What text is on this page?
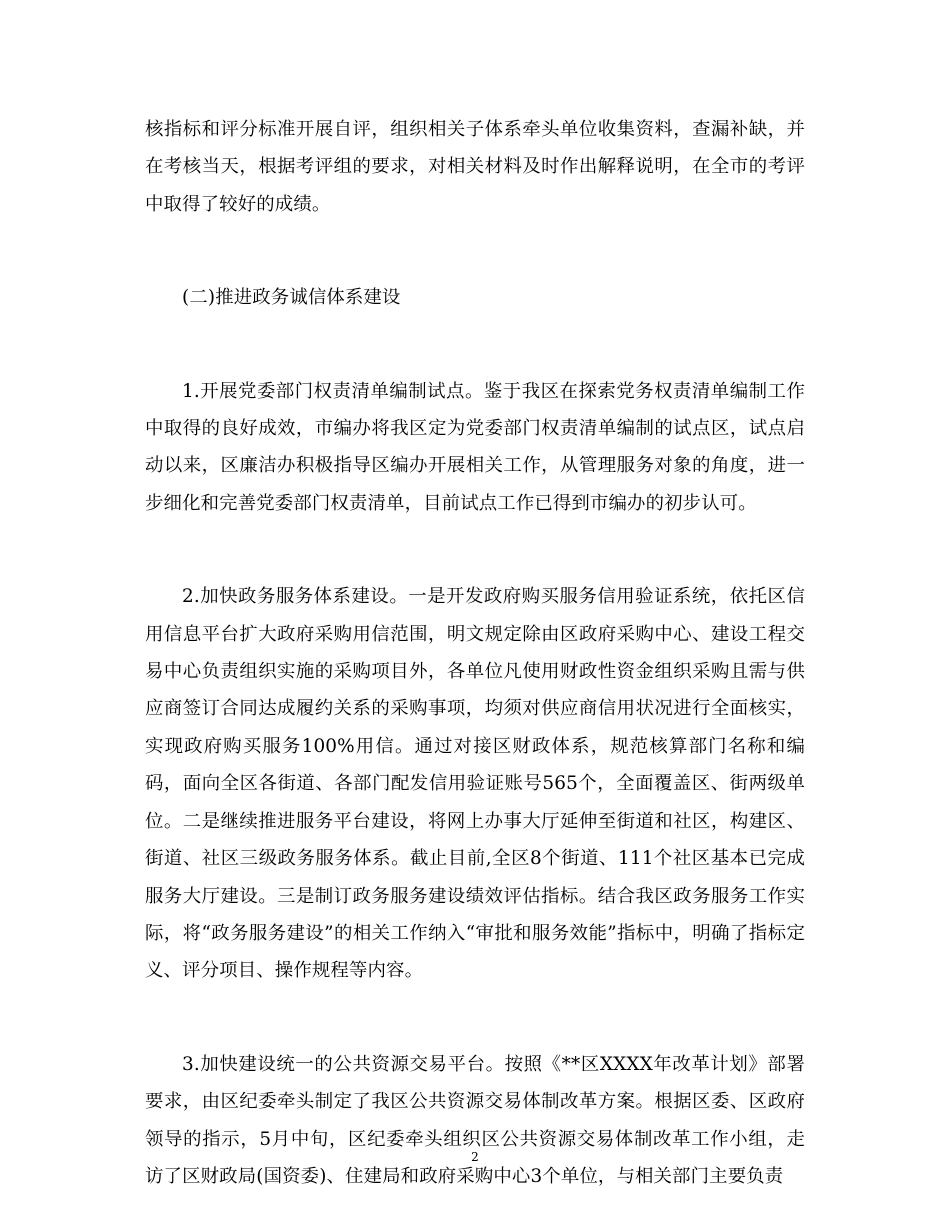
核指标和评分标准开展自评，组织相关子体系牵头单位收集资料，查漏补缺，并在考核当天，根据考评组的要求，对相关材料及时作出解释说明，在全市的考评中取得了较好的成绩。

(二)推进政务诚信体系建设

1.开展党委部门权责清单编制试点。鉴于我区在探索党务权责清单编制工作中取得的良好成效，市编办将我区定为党委部门权责清单编制的试点区，试点启动以来，区廉洁办积极指导区编办开展相关工作，从管理服务对象的角度，进一步细化和完善党委部门权责清单，目前试点工作已得到市编办的初步认可。

2.加快政务服务体系建设。一是开发政府购买服务信用验证系统，依托区信用信息平台扩大政府采购用信范围，明文规定除由区政府采购中心、建设工程交易中心负责组织实施的采购项目外，各单位凡使用财政性资金组织采购且需与供应商签订合同达成履约关系的采购事项，均须对供应商信用状况进行全面核实，实现政府购买服务100%用信。通过对接区财政体系，规范核算部门名称和编码，面向全区各街道、各部门配发信用验证账号565个，全面覆盖区、街两级单位。二是继续推进服务平台建设，将网上办事大厅延伸至街道和社区，构建区、街道、社区三级政务服务体系。截止目前,全区8个街道、111个社区基本已完成服务大厅建设。三是制订政务服务建设绩效评估指标。结合我区政务服务工作实际，将“政务服务建设”的相关工作纳入“审批和服务效能”指标中，明确了指标定义、评分项目、操作规程等内容。

3.加快建设统一的公共资源交易平台。按照《**区XXXX年改革计划》部署要求，由区纪委牵头制定了我区公共资源交易体制改革方案。根据区委、区政府领导的指示，5月中旬，区纪委牵头组织区公共资源交易体制改革工作小组，走访了区财政局(国资委)、住建局和政府采购中心3个单位，与相关部门主要负责

2
